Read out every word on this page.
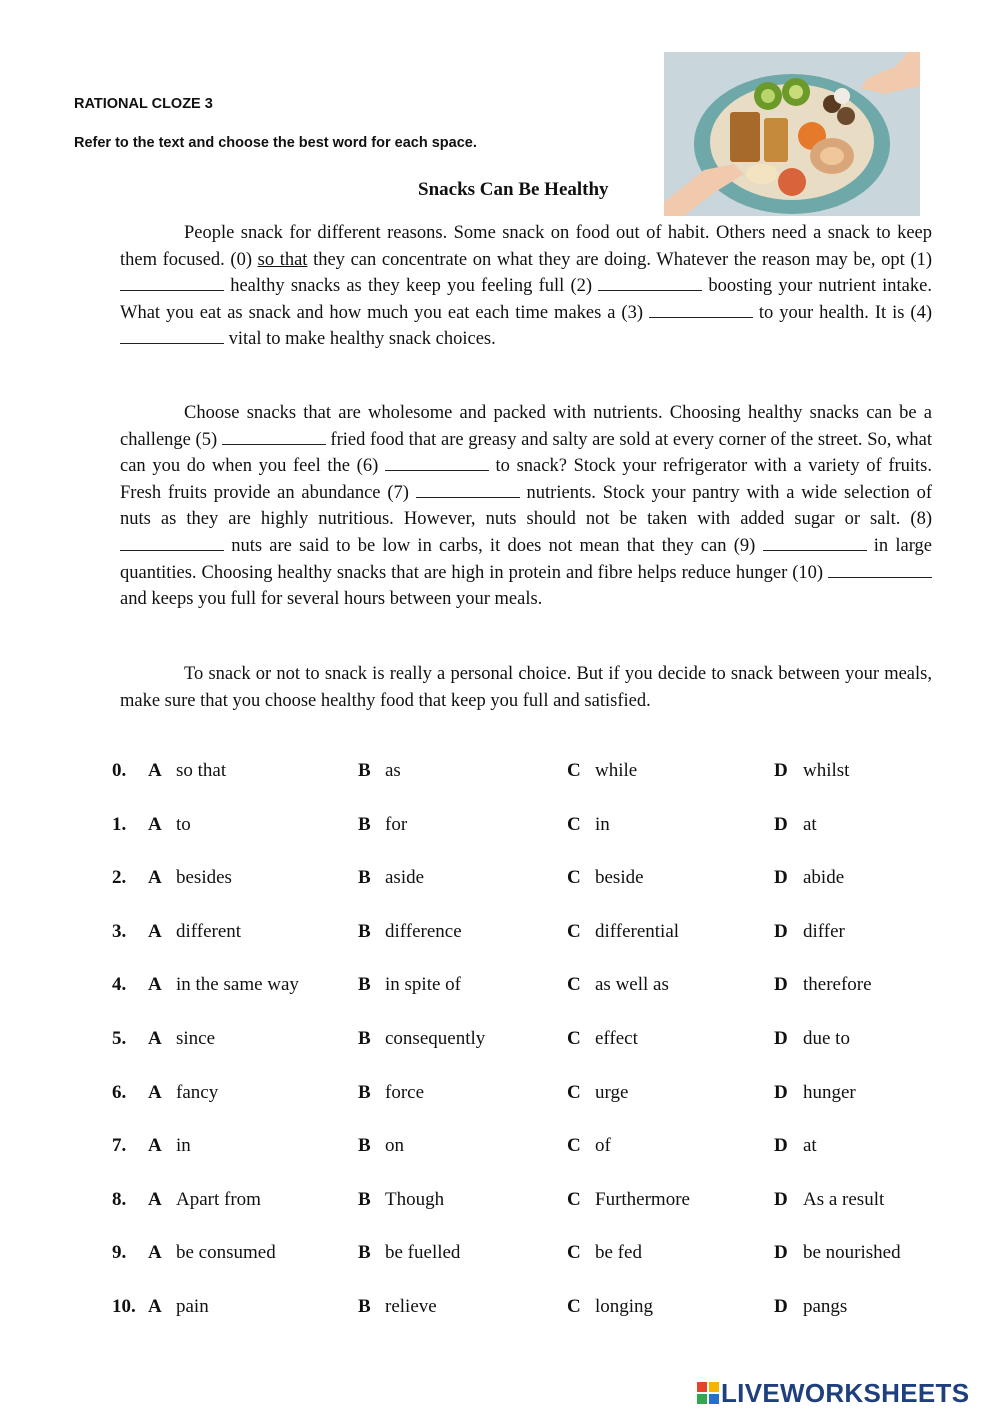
RATIONAL CLOZE 3
Refer to the text and choose the best word for each space.
Snacks Can Be Healthy
People snack for different reasons. Some snack on food out of habit. Others need a snack to keep them focused. (0) so that they can concentrate on what they are doing. Whatever the reason may be, opt (1)  healthy snacks as they keep you feeling full (2)	boosting your nutrient intake. What you eat as snack and how much you eat each time makes a (3)	to your health. It is (4)  vital to make healthy snack choices.
Choose snacks that are wholesome and packed with nutrients. Choosing healthy snacks can be a challenge (5)	fried food that are greasy and salty are sold at every corner of the street. So, what can you do when you feel the (6)	to snack? Stock your refrigerator with a variety of fruits. Fresh fruits provide an abundance (7)	nutrients. Stock your pantry with a wide selection of nuts as they are highly nutritious. However, nuts should not be taken with added sugar or salt. (8)  nuts are said to be low in carbs, it does not mean that they can (9)	in large quantities. Choosing healthy snacks that are high in protein and fibre helps reduce hunger (10)  and keeps you full for several hours between your meals.
To snack or not to snack is really a personal choice. But if you decide to snack between your meals, make sure that you choose healthy food that keep you full and satisfied.
0. A so that	B as	C while	D whilst
1. A to	B for	C in	D at
2. A besides	B aside	C beside	D abide
3. A different	B difference	C differential	D differ
4. A in the same way	B in spite of	C as well as	D therefore
5. A since	B consequently	C effect	D due to
6. A fancy	B force	C urge	D hunger
7. A in	B on	C of	D at
8. A Apart from	B Though	C Furthermore	D As a result
9. A be consumed	B be fuelled	C be fed	D be nourished
10. A pain	B relieve	C longing	D pangs
LIVEWORKSHEETS
